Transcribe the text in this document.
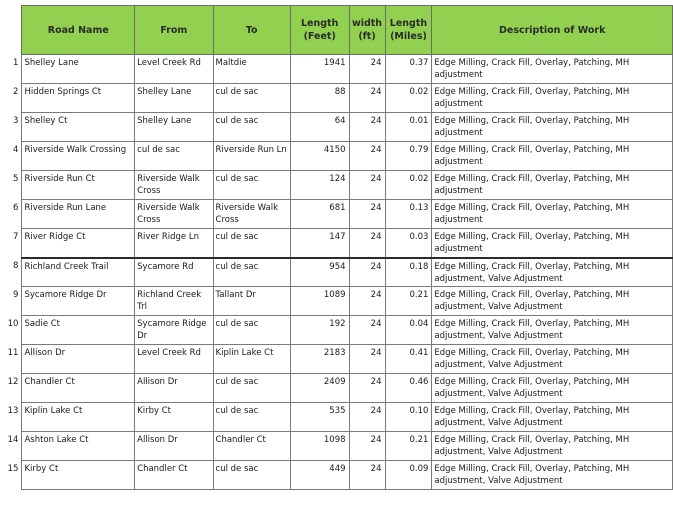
	Road Name	From	To	Length (Feet)	width (ft)	Length (Miles)	Description of Work
1	Shelley Lane	Level Creek Rd	Maltdie	1941	24	0.37	Edge Milling, Crack Fill, Overlay, Patching, MH adjustment
2	Hidden Springs Ct	Shelley Lane	cul de sac	88	24	0.02	Edge Milling, Crack Fill, Overlay, Patching, MH adjustment
3	Shelley Ct	Shelley Lane	cul de sac	64	24	0.01	Edge Milling, Crack Fill, Overlay, Patching, MH adjustment
4	Riverside Walk Crossing	cul de sac	Riverside Run Ln	4150	24	0.79	Edge Milling, Crack Fill, Overlay, Patching, MH adjustment
5	Riverside Run Ct	Riverside Walk Cross	cul de sac	124	24	0.02	Edge Milling, Crack Fill, Overlay, Patching, MH adjustment
6	Riverside Run Lane	Riverside Walk Cross	Riverside Walk Cross	681	24	0.13	Edge Milling, Crack Fill, Overlay, Patching, MH adjustment
7	River Ridge Ct	River Ridge Ln	cul de sac	147	24	0.03	Edge Milling, Crack Fill, Overlay, Patching, MH adjustment
8	Richland Creek Trail	Sycamore Rd	cul de sac	954	24	0.18	Edge Milling, Crack Fill, Overlay, Patching, MH adjustment, Valve Adjustment
9	Sycamore Ridge Dr	Richland Creek Trl	Tallant Dr	1089	24	0.21	Edge Milling, Crack Fill, Overlay, Patching, MH adjustment, Valve Adjustment
10	Sadie Ct	Sycamore Ridge Dr	cul de sac	192	24	0.04	Edge Milling, Crack Fill, Overlay, Patching, MH adjustment, Valve Adjustment
11	Allison Dr	Level Creek Rd	Kiplin Lake Ct	2183	24	0.41	Edge Milling, Crack Fill, Overlay, Patching, MH adjustment, Valve Adjustment
12	Chandler Ct	Allison Dr	cul de sac	2409	24	0.46	Edge Milling, Crack Fill, Overlay, Patching, MH adjustment, Valve Adjustment
13	Kiplin Lake Ct	Kirby Ct	cul de sac	535	24	0.10	Edge Milling, Crack Fill, Overlay, Patching, MH adjustment, Valve Adjustment
14	Ashton Lake Ct	Allison Dr	Chandler Ct	1098	24	0.21	Edge Milling, Crack Fill, Overlay, Patching, MH adjustment, Valve Adjustment
15	Kirby Ct	Chandler Ct	cul de sac	449	24	0.09	Edge Milling, Crack Fill, Overlay, Patching, MH adjustment, Valve Adjustment
